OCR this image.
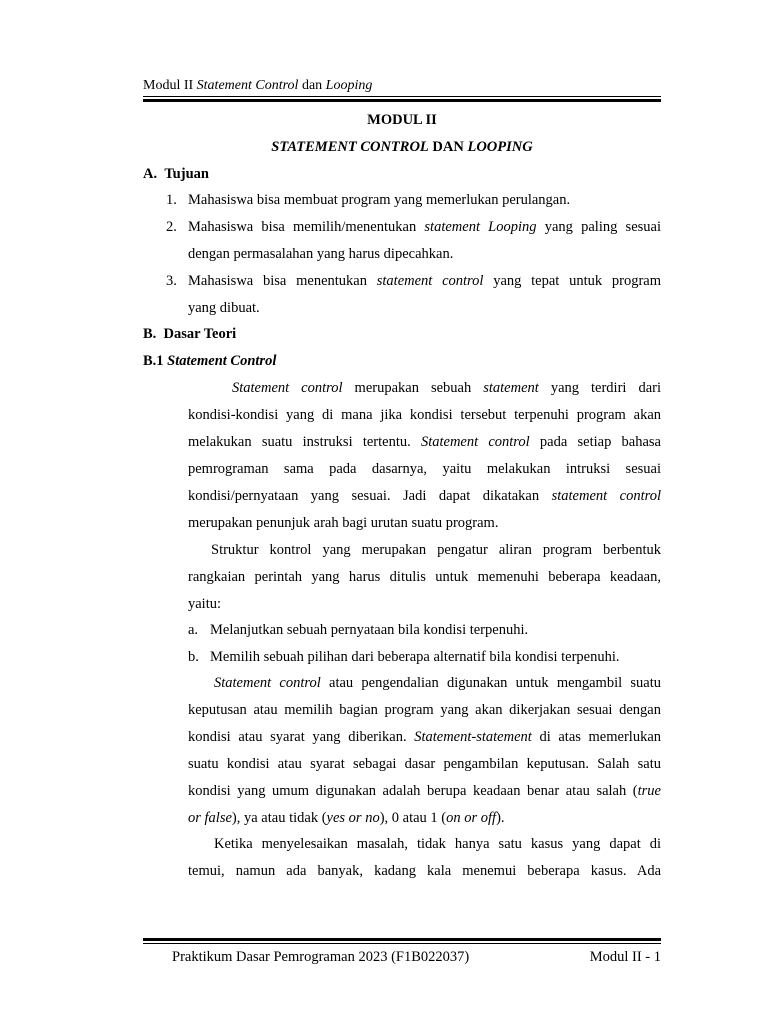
Modul II Statement Control dan Looping
MODUL II
STATEMENT CONTROL DAN LOOPING
A.  Tujuan
1. Mahasiswa bisa membuat program yang memerlukan perulangan.
2. Mahasiswa bisa memilih/menentukan statement Looping yang paling sesuai
dengan permasalahan yang harus dipecahkan.
3. Mahasiswa bisa menentukan statement control yang tepat untuk program
yang dibuat.
B.  Dasar Teori
B.1 Statement Control
Statement control merupakan sebuah statement yang terdiri dari
kondisi-kondisi yang di mana jika kondisi tersebut terpenuhi program akan
melakukan suatu instruksi tertentu. Statement control pada setiap bahasa
pemrograman sama pada dasarnya, yaitu melakukan intruksi sesuai
kondisi/pernyataan yang sesuai. Jadi dapat dikatakan statement control
merupakan penunjuk arah bagi urutan suatu program.
Struktur kontrol yang merupakan pengatur aliran program berbentuk
rangkaian perintah yang harus ditulis untuk memenuhi beberapa keadaan,
yaitu:
a. Melanjutkan sebuah pernyataan bila kondisi terpenuhi.
b. Memilih sebuah pilihan dari beberapa alternatif bila kondisi terpenuhi.
Statement control atau pengendalian digunakan untuk mengambil suatu
keputusan atau memilih bagian program yang akan dikerjakan sesuai dengan
kondisi atau syarat yang diberikan. Statement-statement di atas memerlukan
suatu kondisi atau syarat sebagai dasar pengambilan keputusan. Salah satu
kondisi yang umum digunakan adalah berupa keadaan benar atau salah (true
or false), ya atau tidak (yes or no), 0 atau 1 (on or off).
Ketika menyelesaikan masalah, tidak hanya satu kasus yang dapat di
temui, namun ada banyak, kadang kala menemui beberapa kasus. Ada
Praktikum Dasar Pemrograman 2023 (F1B022037)	Modul II - 1
